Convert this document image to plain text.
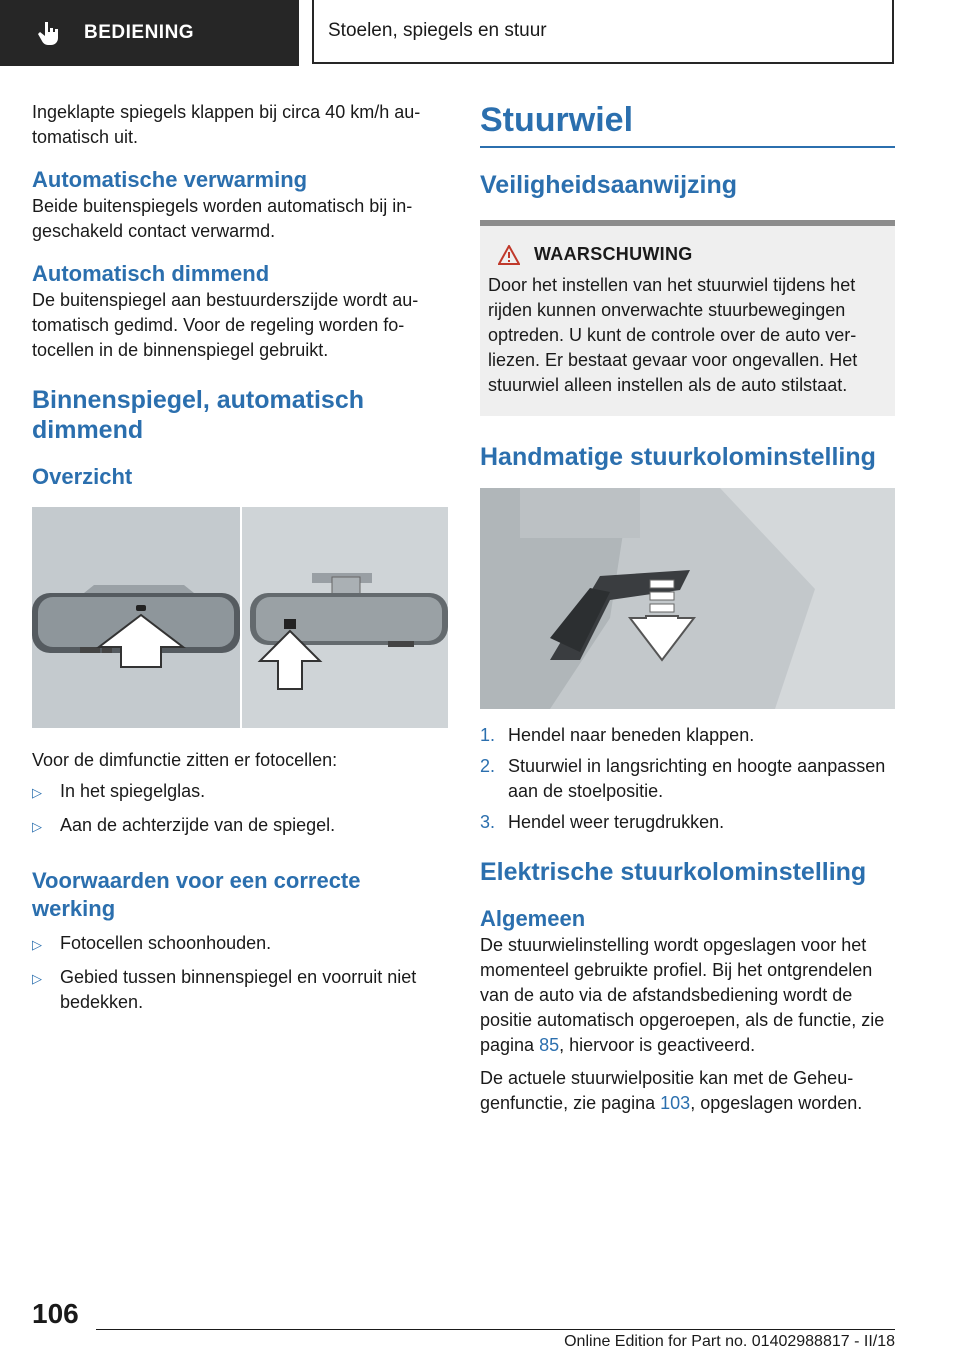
BEDIENING	Stoelen, spiegels en stuur

Ingeklapte spiegels klappen bij circa 40 km/h automatisch uit.

Automatische verwarming

Beide buitenspiegels worden automatisch bij ingeschakeld contact verwarmd.

Automatisch dimmend

De buitenspiegel aan bestuurderszijde wordt automatisch gedimd. Voor de regeling worden fotocellen in de binnenspiegel gebruikt.

Binnenspiegel, automatisch dimmend
Overzicht

Voor de dimfunctie zitten er fotocellen:

▷	In het spiegelglas.
▷	Aan de achterzijde van de spiegel.
Voorwaarden voor een correcte werking
▷	Fotocellen schoonhouden.
▷	Gebied tussen binnenspiegel en voorruit niet bedekken.
Stuurwiel
Veiligheidsaanwijzing
WAARSCHUWING

Door het instellen van het stuurwiel tijdens het rijden kunnen onverwachte stuurbewegingen optreden. U kunt de controle over de auto verliezen. Er bestaat gevaar voor ongevallen. Het stuurwiel alleen instellen als de auto stilstaat.

Handmatige stuurkolominstelling
1. Hendel naar beneden klappen.
2. Stuurwiel in langsrichting en hoogte aanpassen aan de stoelpositie.
3. Hendel weer terugdrukken.
Elektrische stuurkolominstelling
Algemeen

De stuurwielinstelling wordt opgeslagen voor het momenteel gebruikte profiel. Bij het ontgrendelen van de auto via de afstandsbediening wordt de positie automatisch opgeroepen, als de functie, zie pagina 85, hiervoor is geactiveerd.

De actuele stuurwielpositie kan met de Geheugenfunctie, zie pagina 103, opgeslagen worden.

106
Online Edition for Part no. 01402988817 - II/18
